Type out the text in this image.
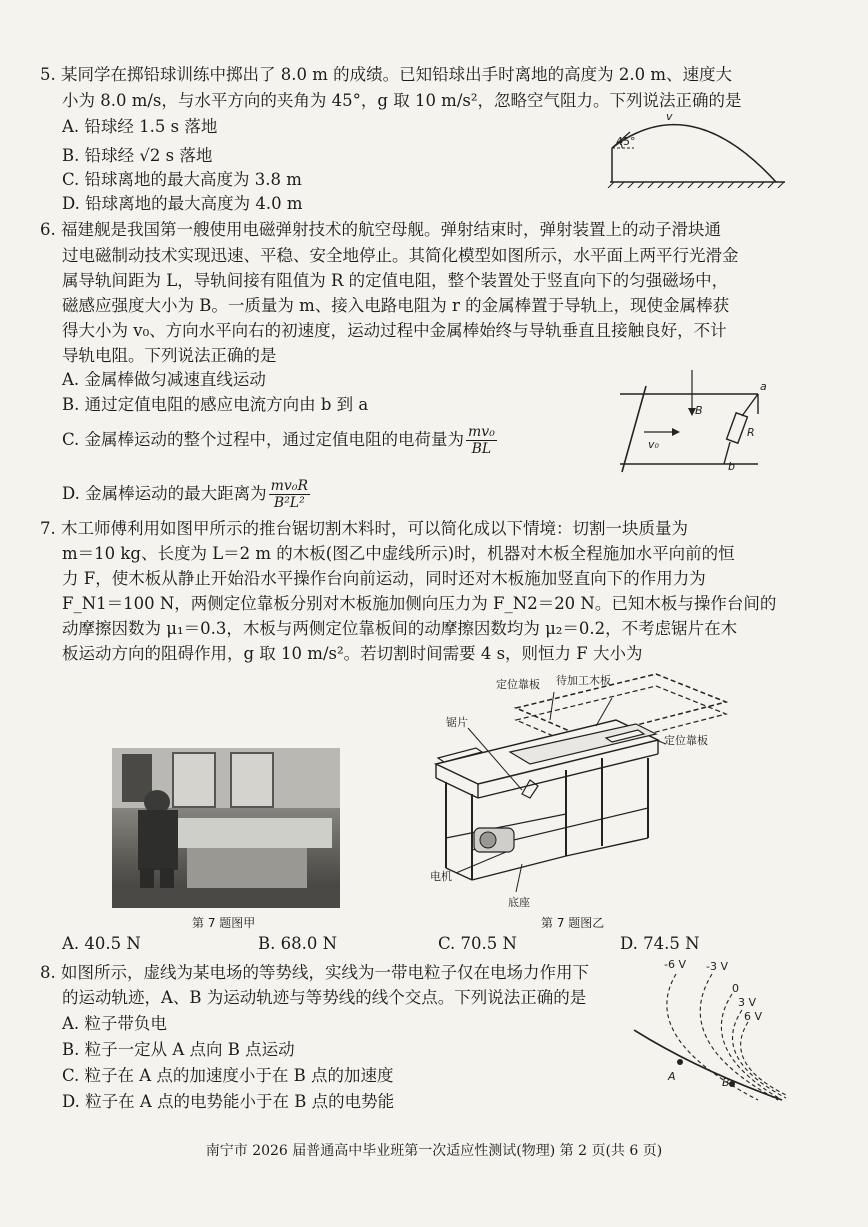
5. 某同学在掷铅球训练中掷出了 8.0 m 的成绩。已知铅球出手时离地的高度为 2.0 m、速度大
小为 8.0 m/s，与水平方向的夹角为 45°，g 取 10 m/s²，忽略空气阻力。下列说法正确的是
A. 铅球经 1.5 s 落地
B. 铅球经 √2 s 落地
C. 铅球离地的最大高度为 3.8 m
D. 铅球离地的最大高度为 4.0 m
45°
v
6. 福建舰是我国第一艘使用电磁弹射技术的航空母舰。弹射结束时，弹射装置上的动子滑块通
过电磁制动技术实现迅速、平稳、安全地停止。其简化模型如图所示，水平面上两平行光滑金
属导轨间距为 L，导轨间接有阻值为 R 的定值电阻，整个装置处于竖直向下的匀强磁场中，
磁感应强度大小为 B。一质量为 m、接入电路电阻为 r 的金属棒置于导轨上，现使金属棒获
得大小为 v₀、方向水平向右的初速度，运动过程中金属棒始终与导轨垂直且接触良好，不计
导轨电阻。下列说法正确的是
A. 金属棒做匀减速直线运动
B. 通过定值电阻的感应电流方向由 b 到 a
C. 金属棒运动的整个过程中，通过定值电阻的电荷量为 $\frac{\text{mv₀}}{BL}$
D. 金属棒运动的最大距离为 $\frac{\text{mv₀R}}{\text{B²L²}}$
a
b
B
R
v₀
7. 木工师傅利用如图甲所示的推台锯切割木料时，可以简化成以下情境：切割一块质量为
m＝10 kg、长度为 L＝2 m 的木板(图乙中虚线所示)时，机器对木板全程施加水平向前的恒
力 F，使木板从静止开始沿水平操作台向前运动，同时还对木板施加竖直向下的作用力为
F_N1＝100 N，两侧定位靠板分别对木板施加侧向压力为 F_N2＝20 N。已知木板与操作台间的
动摩擦因数为 μ₁＝0.3，木板与两侧定位靠板间的动摩擦因数均为 μ₂＝0.2，不考虑锯片在木
板运动方向的阻碍作用，g 取 10 m/s²。若切割时间需要 4 s，则恒力 F 大小为
第 7 题图甲
定位靠板 待加工木板
锯片
定位靠板
电机
底座
第 7 题图乙
A. 40.5 N	B. 68.0 N	C. 70.5 N	D. 74.5 N
8. 如图所示，虚线为某电场的等势线，实线为一带电粒子仅在电场力作用下
的运动轨迹，A、B 为运动轨迹与等势线的线个交点。下列说法正确的是
A. 粒子带负电
B. 粒子一定从 A 点向 B 点运动
C. 粒子在 A 点的加速度小于在 B 点的加速度
D. 粒子在 A 点的电势能小于在 B 点的电势能
-6 V -3 V
0
3 V
6 V
A	B
南宁市 2026 届普通高中毕业班第一次适应性测试(物理) 第 2 页(共 6 页)
